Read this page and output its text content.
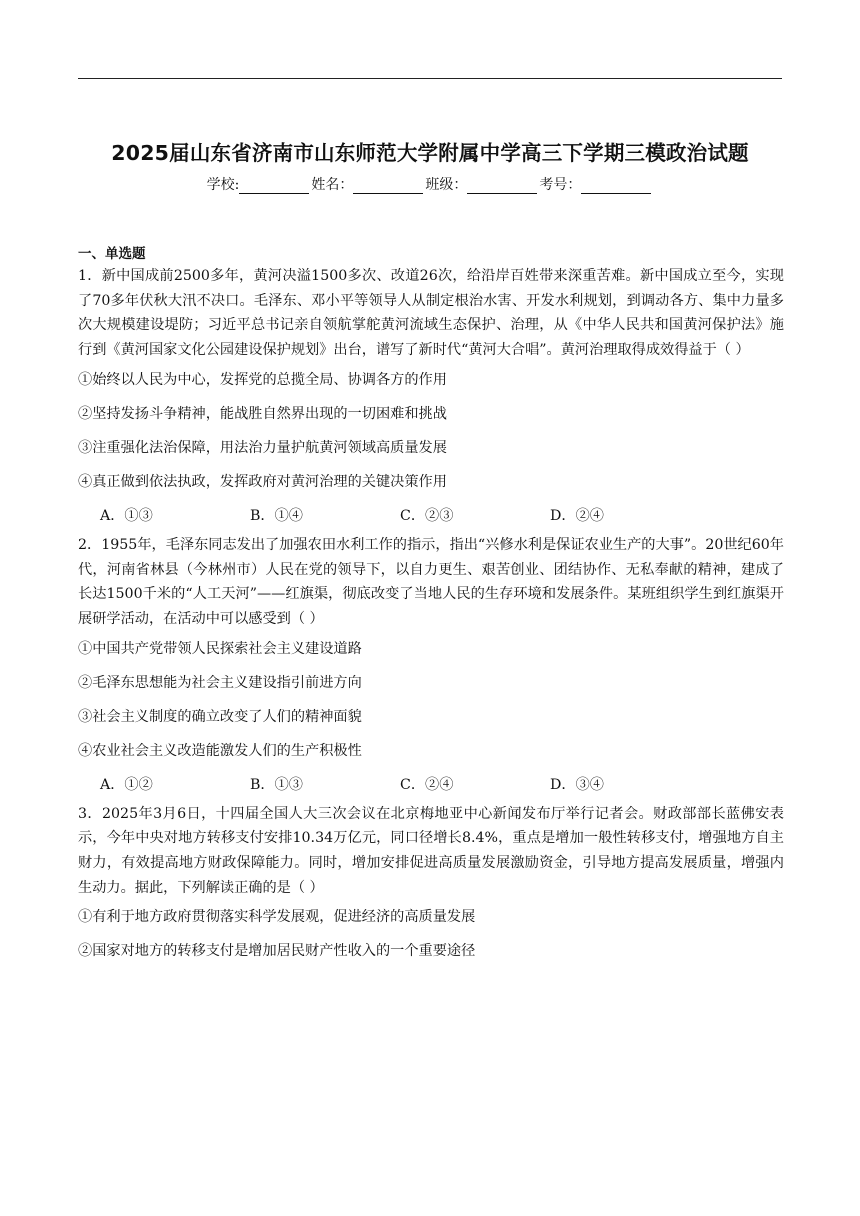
2025届山东省济南市山东师范大学附属中学高三下学期三模政治试题
学校:	姓名：	班级：	考号：
一、单选题
1．新中国成前2500多年，黄河决溢1500多次、改道26次，给沿岸百姓带来深重苦难。新中国成立至今，实现了70多年伏秋大汛不决口。毛泽东、邓小平等领导人从制定根治水害、开发水利规划，到调动各方、集中力量多次大规模建设堤防；习近平总书记亲自领航掌舵黄河流域生态保护、治理，从《中华人民共和国黄河保护法》施行到《黄河国家文化公园建设保护规划》出台，谱写了新时代“黄河大合唱”。黄河治理取得成效得益于（ ）
①始终以人民为中心，发挥党的总揽全局、协调各方的作用
②坚持发扬斗争精神，能战胜自然界出现的一切困难和挑战
③注重强化法治保障，用法治力量护航黄河领域高质量发展
④真正做到依法执政，发挥政府对黄河治理的关键决策作用
A．①③	B．①④	C．②③	D．②④
2．1955年，毛泽东同志发出了加强农田水利工作的指示，指出“兴修水利是保证农业生产的大事”。20世纪60年代，河南省林县（今林州市）人民在党的领导下，以自力更生、艰苦创业、团结协作、无私奉献的精神，建成了长达1500千米的“人工天河”——红旗渠，彻底改变了当地人民的生存环境和发展条件。某班组织学生到红旗渠开展研学活动，在活动中可以感受到（ ）
①中国共产党带领人民探索社会主义建设道路
②毛泽东思想能为社会主义建设指引前进方向
③社会主义制度的确立改变了人们的精神面貌
④农业社会主义改造能激发人们的生产积极性
A．①②	B．①③	C．②④	D．③④
3．2025年3月6日，十四届全国人大三次会议在北京梅地亚中心新闻发布厅举行记者会。财政部部长蓝佛安表示，今年中央对地方转移支付安排10.34万亿元，同口径增长8.4%，重点是增加一般性转移支付，增强地方自主财力，有效提高地方财政保障能力。同时，增加安排促进高质量发展激励资金，引导地方提高发展质量，增强内生动力。据此，下列解读正确的是（ ）
①有利于地方政府贯彻落实科学发展观，促进经济的高质量发展
②国家对地方的转移支付是增加居民财产性收入的一个重要途径
